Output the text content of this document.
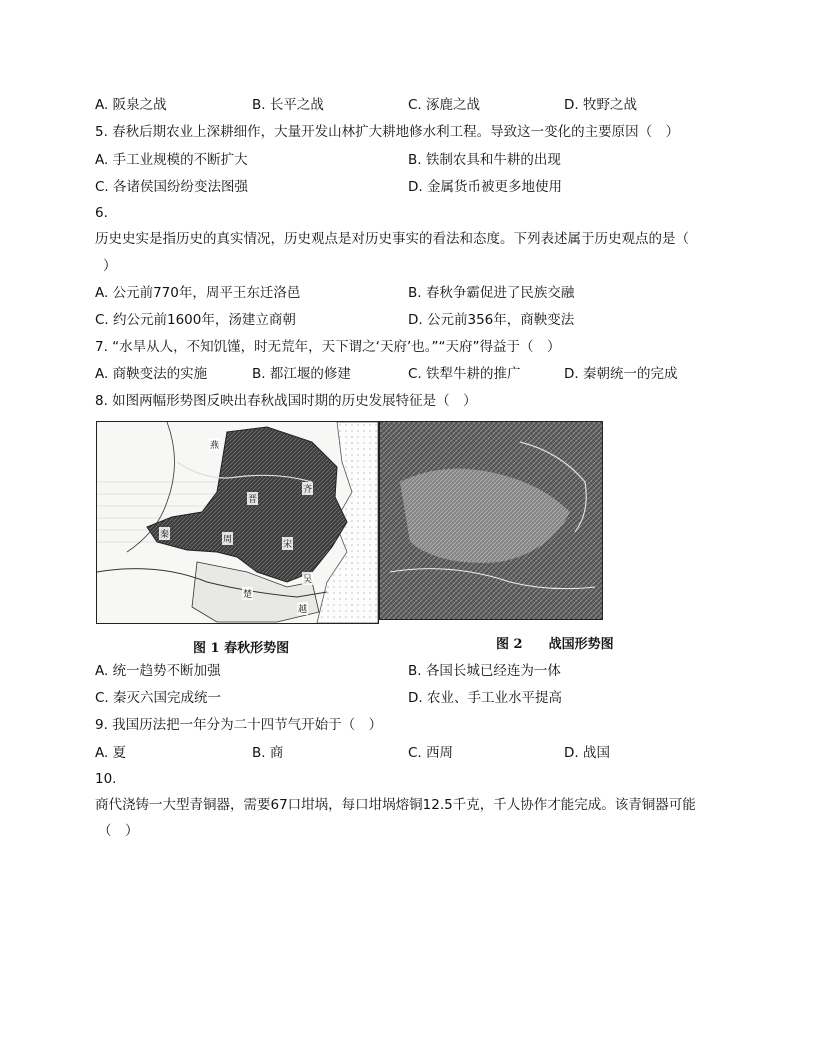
A. 阪泉之战	B. 长平之战	C. 涿鹿之战	D. 牧野之战
5. 春秋后期农业上深耕细作，大量开发山林扩大耕地修水利工程。导致这一变化的主要原因（　）
A. 手工业规模的不断扩大	B. 铁制农具和牛耕的出现
C. 各诸侯国纷纷变法图强	D. 金属货币被更多地使用
6.
历史史实是指历史的真实情况，历史观点是对历史事实的看法和态度。下列表述属于历史观点的是（
）
A. 公元前770年，周平王东迁洛邑	B. 春秋争霸促进了民族交融
C. 约公元前1600年，汤建立商朝	D. 公元前356年，商鞅变法
7. “水旱从人，不知饥馑，时无荒年，天下谓之‘天府’也。”“天府”得益于（　）
A. 商鞅变法的实施	B. 都江堰的修建	C. 铁犁牛耕的推广	D. 秦朝统一的完成
8. 如图两幅形势图反映出春秋战国时期的历史发展特征是（　）
燕
齐
晋
秦
楚
吴
越
宋
周
图 1 春秋形势图	图 2　　战国形势图
A. 统一趋势不断加强	B. 各国长城已经连为一体
C. 秦灭六国完成统一	D. 农业、手工业水平提高
9. 我国历法把一年分为二十四节气开始于（　）
A. 夏	B. 商	C. 西周	D. 战国
10.
商代浇铸一大型青铜器，需要67口坩埚，每口坩埚熔铜12.5千克，千人协作才能完成。该青铜器可能
（　）
